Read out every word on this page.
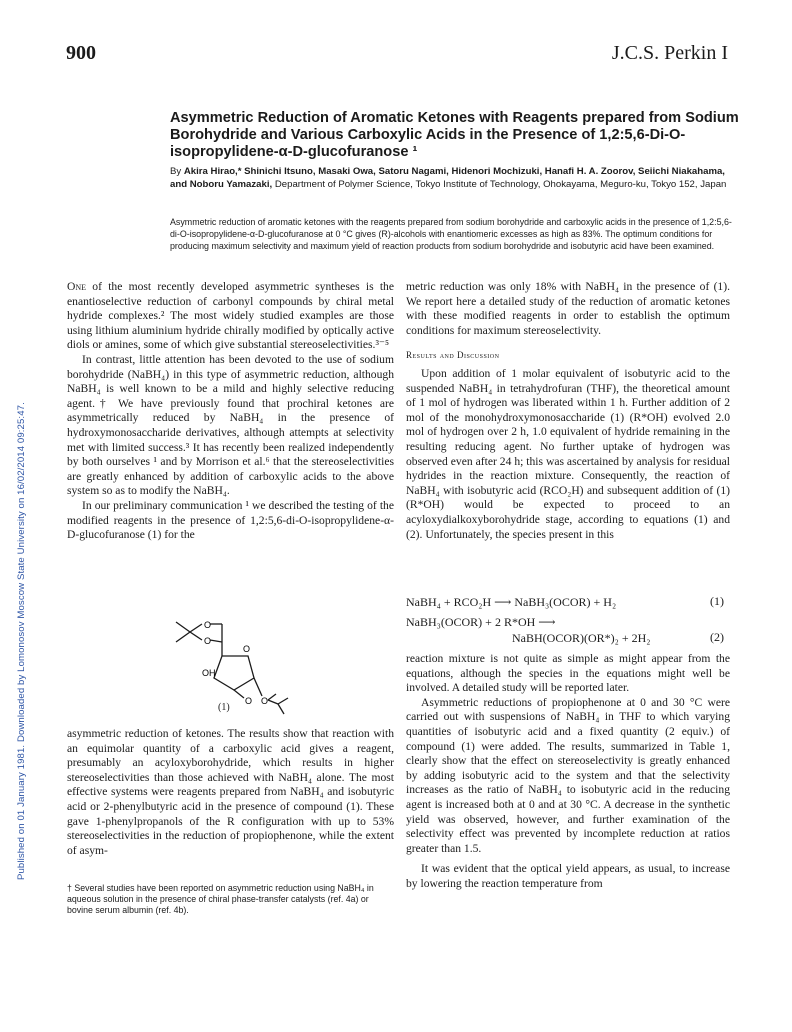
Published on 01 January 1981. Downloaded by Lomonosov Moscow State University on 16/02/2014 09:25:47.
900	J.C.S. Perkin I
Asymmetric Reduction of Aromatic Ketones with Reagents prepared from Sodium Borohydride and Various Carboxylic Acids in the Presence of 1,2:5,6-Di-O-isopropylidene-α-D-glucofuranose ¹
By Akira Hirao,* Shinichi Itsuno, Masaki Owa, Satoru Nagami, Hidenori Mochizuki, Hanafi H. A. Zoorov, Seiichi Niakahama, and Noboru Yamazaki, Department of Polymer Science, Tokyo Institute of Technology, Ohokayama, Meguro-ku, Tokyo 152, Japan
Asymmetric reduction of aromatic ketones with the reagents prepared from sodium borohydride and carboxylic acids in the presence of 1,2:5,6-di-O-isopropylidene-α-D-glucofuranose at 0 °C gives (R)-alcohols with enantiomeric excesses as high as 83%. The optimum conditions for producing maximum selectivity and maximum yield of reaction products from sodium borohydride and isobutyric acid have been examined.

One of the most recently developed asymmetric syntheses is the enantioselective reduction of carbonyl compounds by chiral metal hydride complexes.² The most widely studied examples are those using lithium aluminium hydride chirally modified by optically active diols or amines, some of which give substantial stereoselectivities.³⁻⁵

In contrast, little attention has been devoted to the use of sodium borohydride (NaBH₄) in this type of asymmetric reduction, although NaBH₄ is well known to be a mild and highly selective reducing agent.† We have previously found that prochiral ketones are asymmetrically reduced by NaBH₄ in the presence of hydroxymonosaccharide derivatives, although attempts at selectivity met with limited success.³ It has recently been realized independently by both ourselves ¹ and by Morrison et al.⁶ that the stereoselectivities are greatly enhanced by addition of carboxylic acids to the above system so as to modify the NaBH₄.

In our preliminary communication ¹ we described the testing of the modified reagents in the presence of 1,2:5,6-di-O-isopropylidene-α-D-glucofuranose (1) for the

O
O
O
O
O
OH
(1)

asymmetric reduction of ketones. The results show that reaction with an equimolar quantity of a carboxylic acid gives a reagent, presumably an acyloxyborohydride, which results in higher stereoselectivities than those achieved with NaBH₄ alone. The most effective systems were reagents prepared from NaBH₄ and isobutyric acid or 2-phenylbutyric acid in the presence of compound (1). These gave 1-phenylpropanols of the R configuration with up to 53% stereoselectivities in the reduction of propiophenone, while the extent of asym-

† Several studies have been reported on asymmetric reduction using NaBH₄ in aqueous solution in the presence of chiral phase-transfer catalysts (ref. 4a) or bovine serum albumin (ref. 4b).

metric reduction was only 18% with NaBH₄ in the presence of (1). We report here a detailed study of the reduction of aromatic ketones with these modified reagents in order to establish the optimum conditions for maximum stereoselectivity.

Results and Discussion

Upon addition of 1 molar equivalent of isobutyric acid to the suspended NaBH₄ in tetrahydrofuran (THF), the theoretical amount of 1 mol of hydrogen was liberated within 1 h. Further addition of 2 mol of the monohydroxymonosaccharide (1) (R*OH) evolved 2.0 mol of hydrogen over 2 h, 1.0 equivalent of hydride remaining in the resulting reducing agent. No further uptake of hydrogen was observed even after 24 h; this was ascertained by analysis for residual hydrides in the reaction mixture. Consequently, the reaction of NaBH₄ with isobutyric acid (RCO₂H) and subsequent addition of (1) (R*OH) would be expected to proceed to an acyloxydialkoxyborohydride stage, according to equations (1) and (2). Unfortunately, the species present in this

NaBH₄ + RCO₂H ⟶ NaBH₃(OCOR) + H₂	(1)
NaBH₃(OCOR) + 2 R*OH ⟶
NaBH(OCOR)(OR*)₂ + 2H₂	(2)

reaction mixture is not quite as simple as might appear from the equations, although the species in the equations might well be involved. A detailed study will be reported later.

Asymmetric reductions of propiophenone at 0 and 30 °C were carried out with suspensions of NaBH₄ in THF to which varying quantities of isobutyric acid and a fixed quantity (2 equiv.) of compound (1) were added. The results, summarized in Table 1, clearly show that the effect on stereoselectivity is greatly enhanced by adding isobutyric acid to the system and that the selectivity increases as the ratio of NaBH₄ to isobutyric acid in the reducing agent is increased both at 0 and at 30 °C. A decrease in the synthetic yield was observed, however, and further examination of the selectivity effect was prevented by incomplete reduction at ratios greater than 1.5.

It was evident that the optical yield appears, as usual, to increase by lowering the reaction temperature from
